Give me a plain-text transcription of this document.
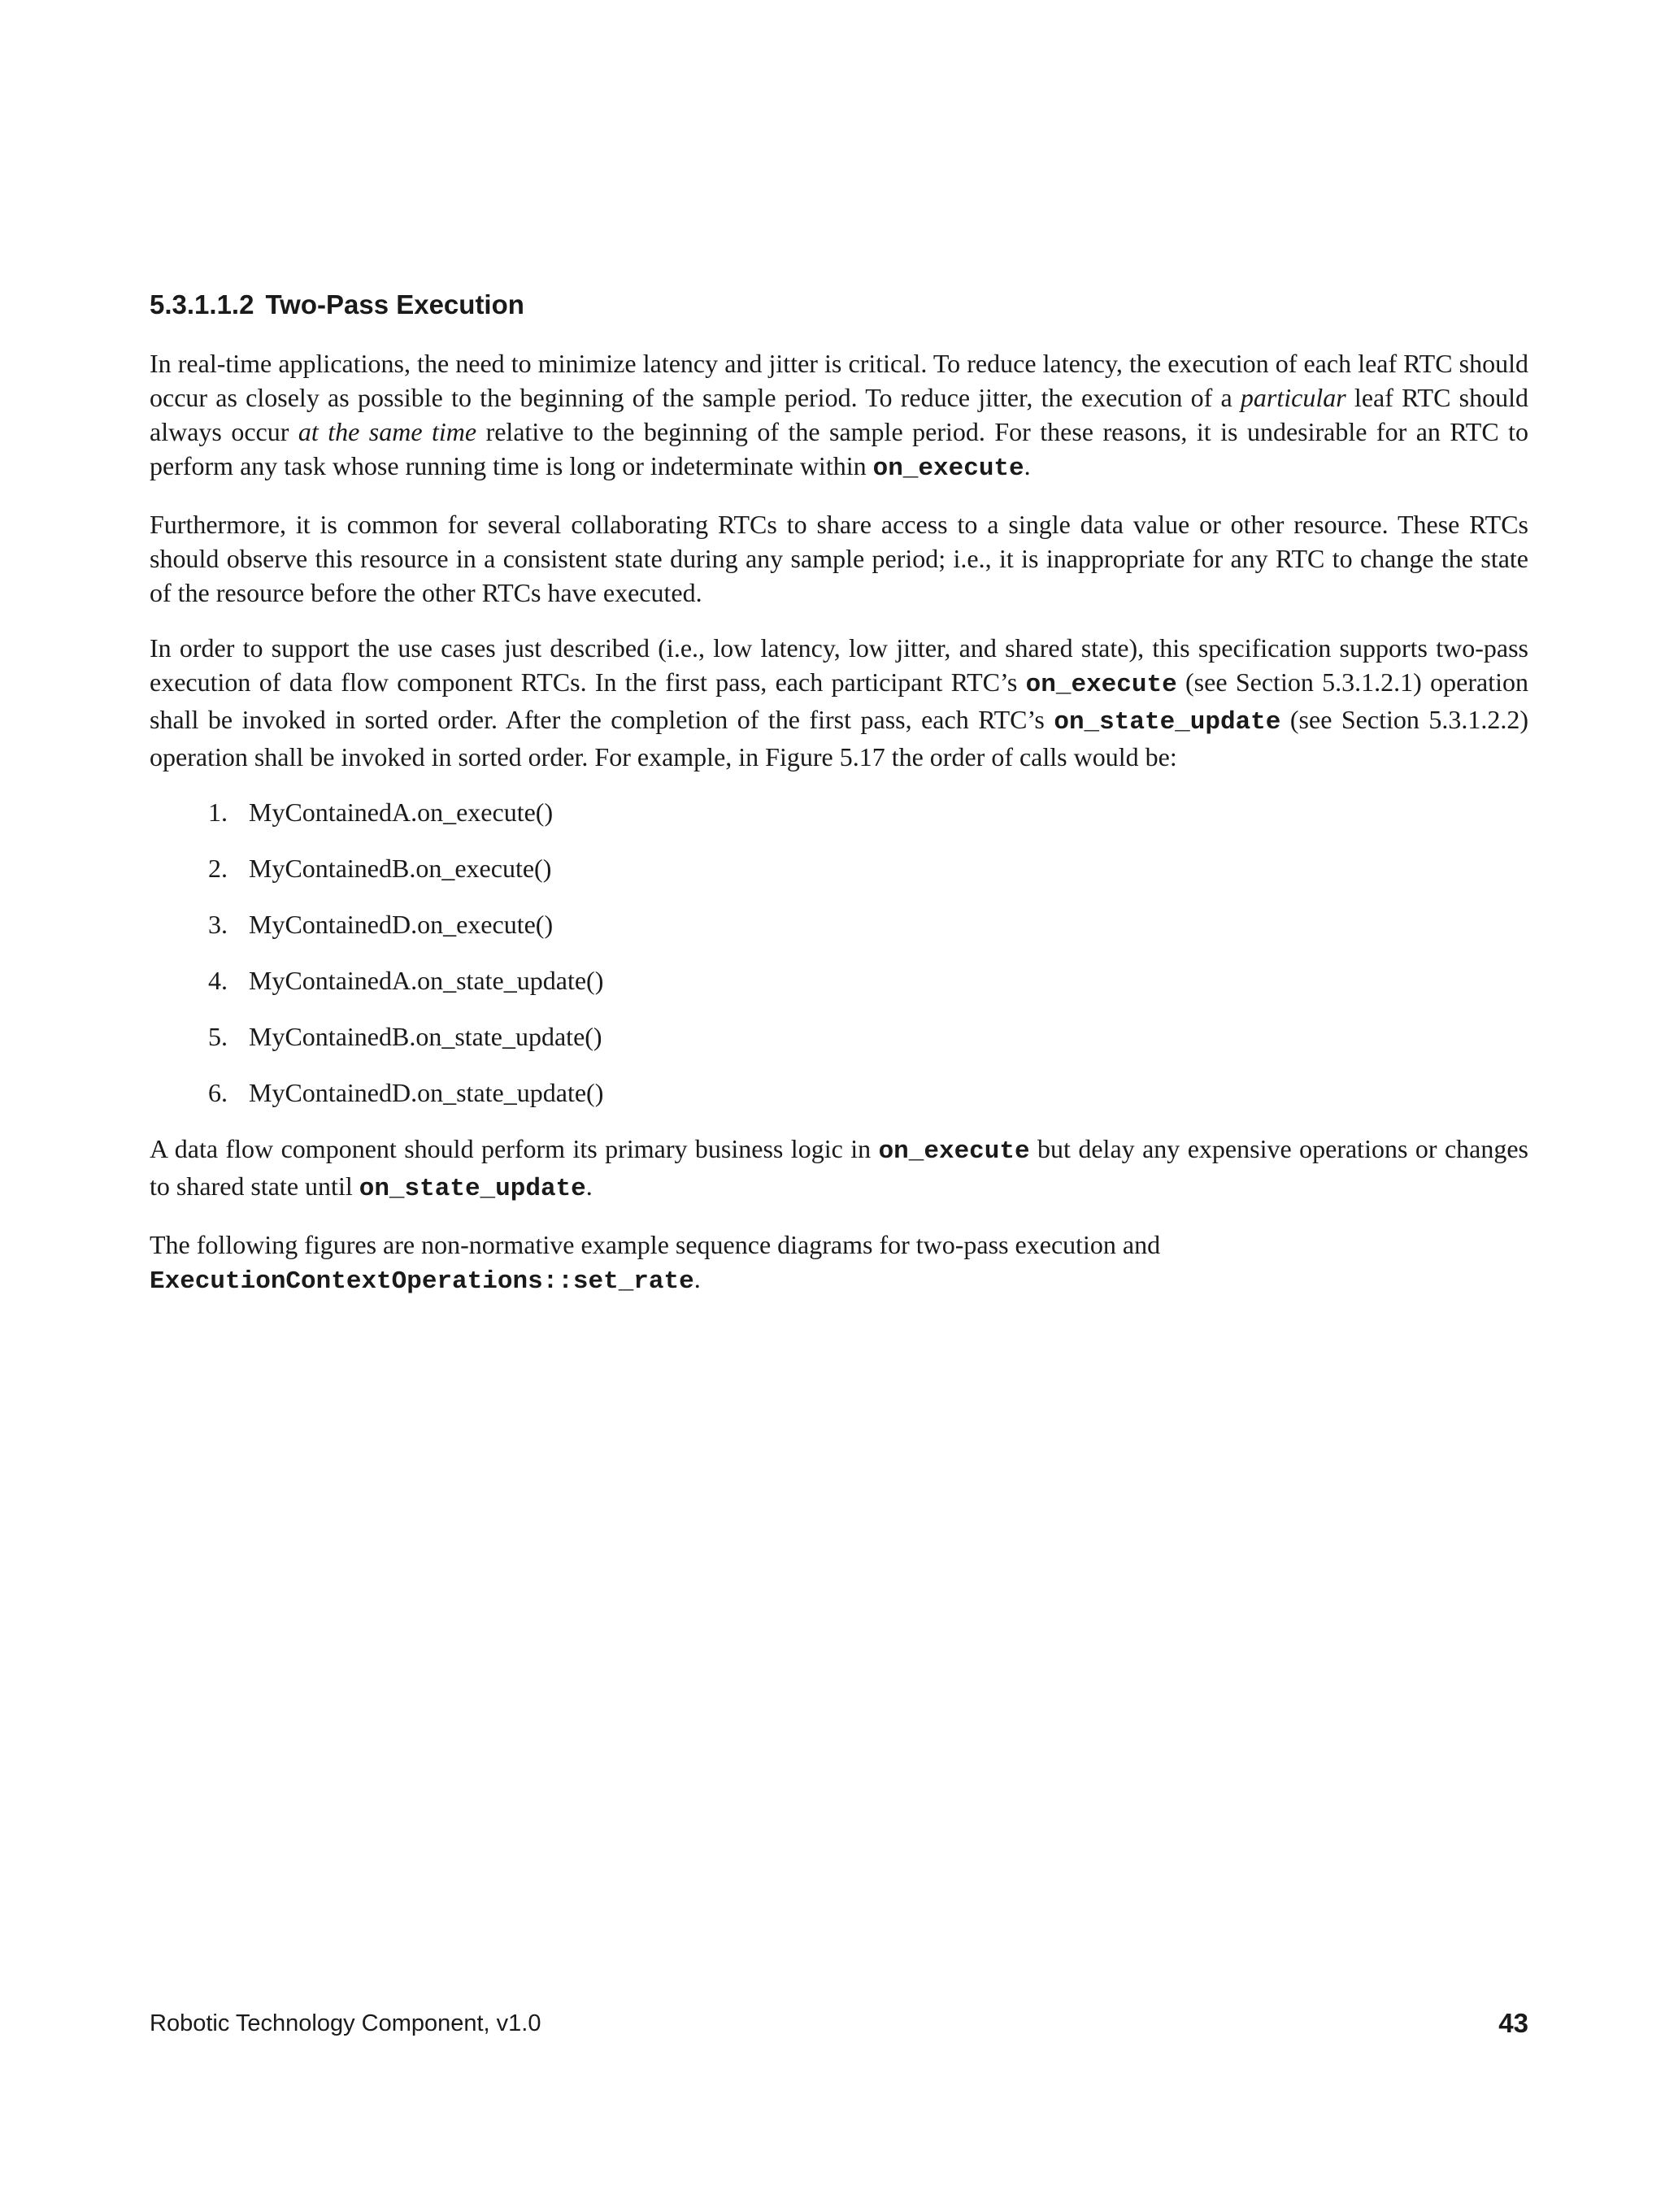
5.3.1.1.2 Two-Pass Execution

In real-time applications, the need to minimize latency and jitter is critical. To reduce latency, the execution of each leaf RTC should occur as closely as possible to the beginning of the sample period. To reduce jitter, the execution of a particular leaf RTC should always occur at the same time relative to the beginning of the sample period. For these reasons, it is undesirable for an RTC to perform any task whose running time is long or indeterminate within on_execute.

Furthermore, it is common for several collaborating RTCs to share access to a single data value or other resource. These RTCs should observe this resource in a consistent state during any sample period; i.e., it is inappropriate for any RTC to change the state of the resource before the other RTCs have executed.

In order to support the use cases just described (i.e., low latency, low jitter, and shared state), this specification supports two-pass execution of data flow component RTCs. In the first pass, each participant RTC’s on_execute (see Section 5.3.1.2.1) operation shall be invoked in sorted order. After the completion of the first pass, each RTC’s on_state_update (see Section 5.3.1.2.2) operation shall be invoked in sorted order. For example, in Figure 5.17 the order of calls would be:

1. MyContainedA.on_execute()
2. MyContainedB.on_execute()
3. MyContainedD.on_execute()
4. MyContainedA.on_state_update()
5. MyContainedB.on_state_update()
6. MyContainedD.on_state_update()

A data flow component should perform its primary business logic in on_execute but delay any expensive operations or changes to shared state until on_state_update.

The following figures are non-normative example sequence diagrams for two-pass execution and ExecutionContextOperations::set_rate.

Robotic Technology Component, v1.0	43
